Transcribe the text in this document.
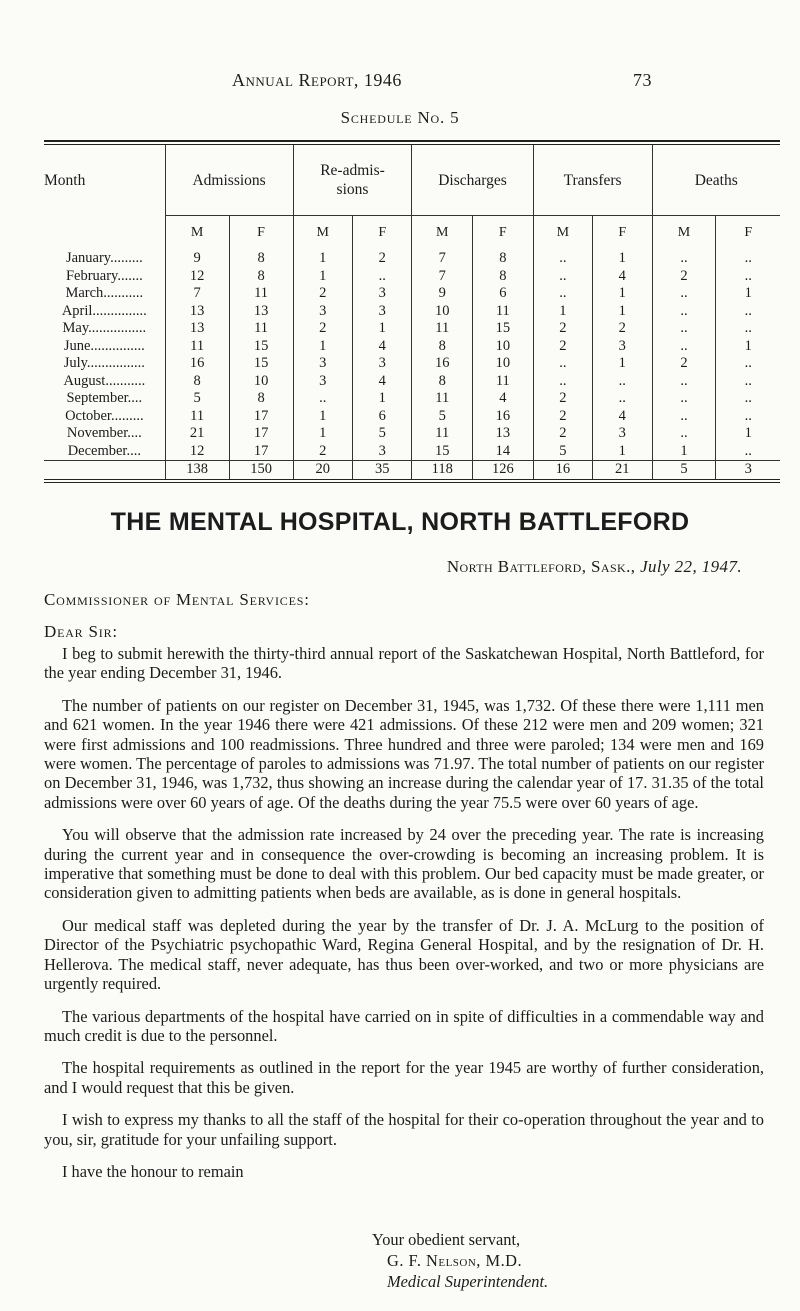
Annual Report, 1946	73
Schedule No. 5
Month	Admissions		Re-admis-
sions		Discharges		Transfers		Deaths	
	M	F	M	F	M	F	M	F	M	F
January.........	9	8	1	2	7	8	..	1	..	..
February.......	12	8	1	..	7	8	..	4	2	..
March...........	7	11	2	3	9	6	..	1	..	1
April...............	13	13	3	3	10	11	1	1	..	..
May................	13	11	2	1	11	15	2	2	..	..
June...............	11	15	1	4	8	10	2	3	..	1
July................	16	15	3	3	16	10	..	1	2	..
August...........	8	10	3	4	8	11	..	..	..	..
September....	5	8	..	1	11	4	2	..	..	..
October.........	11	17	1	6	5	16	2	4	..	..
November....	21	17	1	5	11	13	2	3	..	1
December....	12	17	2	3	15	14	5	1	1	..
	138	150	20	35	118	126	16	21	5	3
THE MENTAL HOSPITAL, NORTH BATTLEFORD
North Battleford, Sask., July 22, 1947.
Commissioner of Mental Services:
Dear Sir:

I beg to submit herewith the thirty-third annual report of the Saskatchewan Hospital, North Battleford, for the year ending December 31, 1946.

The number of patients on our register on December 31, 1945, was 1,732. Of these there were 1,111 men and 621 women. In the year 1946 there were 421 admissions. Of these 212 were men and 209 women; 321 were first admissions and 100 readmissions. Three hundred and three were paroled; 134 were men and 169 were women. The percentage of paroles to admissions was 71.97. The total number of patients on our register on December 31, 1946, was 1,732, thus showing an increase during the calendar year of 17. 31.35 of the total admissions were over 60 years of age. Of the deaths during the year 75.5 were over 60 years of age.

You will observe that the admission rate increased by 24 over the preceding year. The rate is increasing during the current year and in consequence the over-crowding is becoming an increasing problem. It is imperative that something must be done to deal with this problem. Our bed capacity must be made greater, or consideration given to admitting patients when beds are available, as is done in general hospitals.

Our medical staff was depleted during the year by the transfer of Dr. J. A. McLurg to the position of Director of the Psychiatric psychopathic Ward, Regina General Hospital, and by the resignation of Dr. H. Hellerova. The medical staff, never adequate, has thus been over-worked, and two or more physicians are urgently required.

The various departments of the hospital have carried on in spite of difficulties in a commendable way and much credit is due to the personnel.

The hospital requirements as outlined in the report for the year 1945 are worthy of further consideration, and I would request that this be given.

I wish to express my thanks to all the staff of the hospital for their co-operation throughout the year and to you, sir, gratitude for your unfailing support.

I have the honour to remain

Your obedient servant,
G. F. Nelson, M.D.
Medical Superintendent.
